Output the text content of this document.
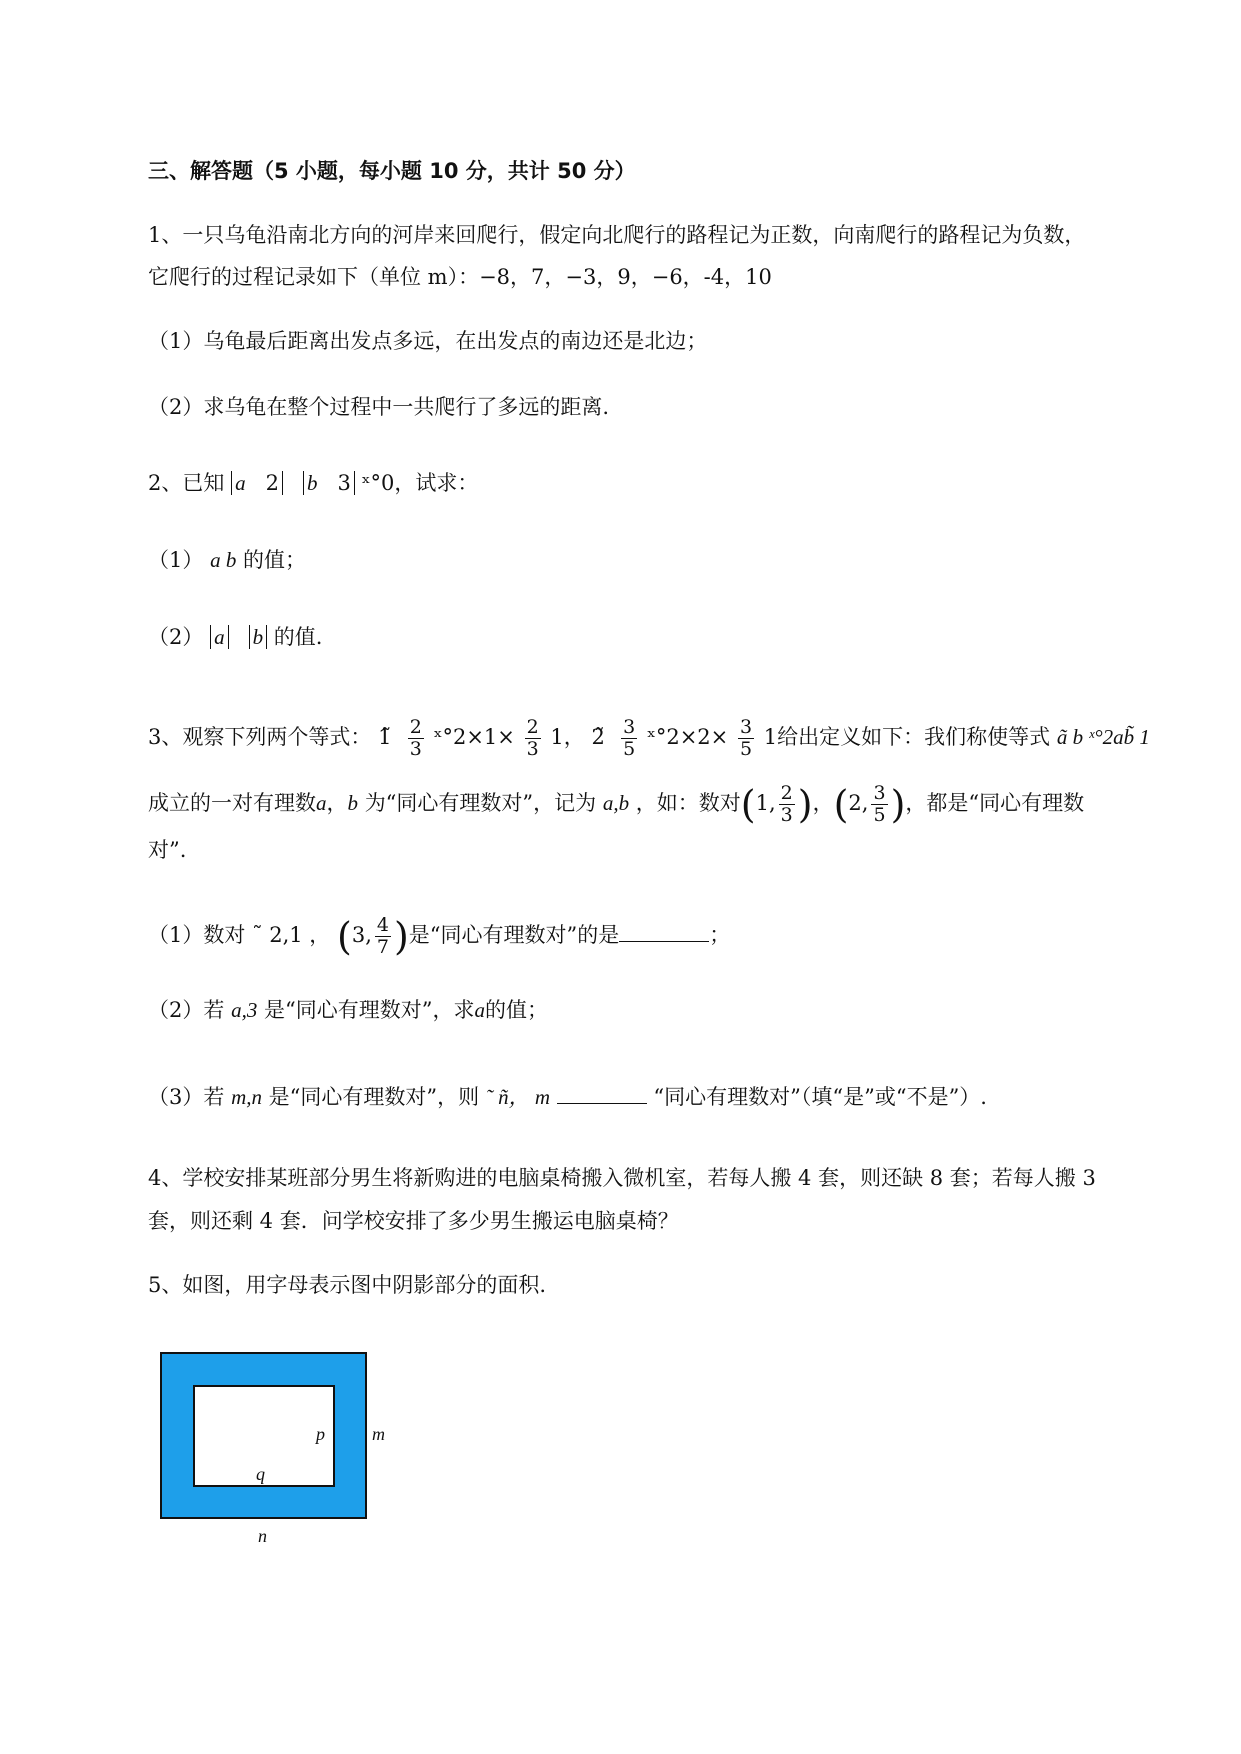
三、解答题（5 小题，每小题 10 分，共计 50 分）
1、一只乌龟沿南北方向的河岸来回爬行，假定向北爬行的路程记为正数，向南爬行的路程记为负数，
它爬行的过程记录如下（单位 m）：−8，7，−3，9，−6，-4，10
（1）乌龟最后距离出发点多远，在出发点的南边还是北边；
（2）求乌龟在整个过程中一共爬行了多远的距离.
2、已知 a 2 b 3 ˣ°0，试求：
（1） a b 的值；
（2） a b 的值.
3、观察下列两个等式： 1̃ $\frac{2}{3}$ ˣ°2×1× $\frac{2}{3} 1$， 2̃ $\frac{3}{5}$ ˣ°2×2× $\frac{3}{5} 1$给出定义如下：我们称使等式 ã b ˣ°2ab̃ 1
成立的一对有理数a，b 为“同心有理数对”，记为 a,b ，如：数对(1, $\frac{2}{3}$ )，(2, $\frac{3}{5}$ )，都是“同心有理数
对”.
（1）数对 ˜ 2,1 ， (3, $\frac{4}{7}$ )是“同心有理数对”的是	；
（2）若 a,3 是“同心有理数对”，求a的值；
（3）若 m,n 是“同心有理数对”，则 ˜ ñ， m	“同心有理数对”（填“是”或“不是”）.
4、学校安排某班部分男生将新购进的电脑桌椅搬入微机室，若每人搬 4 套，则还缺 8 套；若每人搬 3
套，则还剩 4 套．问学校安排了多少男生搬运电脑桌椅？
5、如图，用字母表示图中阴影部分的面积.
p
q
m
n
